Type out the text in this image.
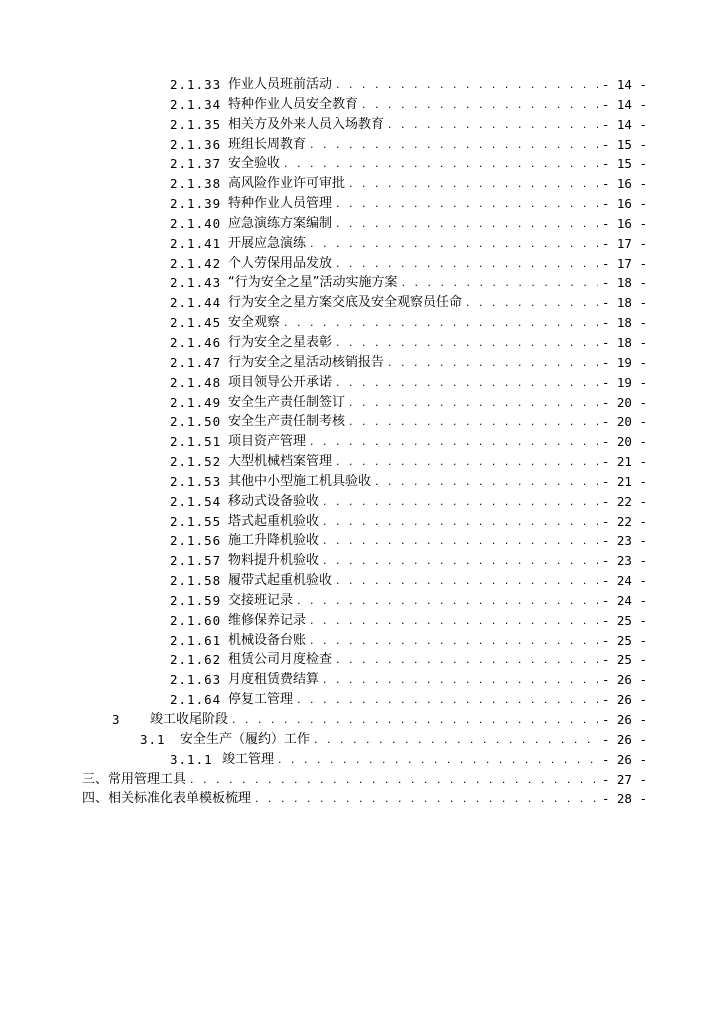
2.1.33 作业人员班前活动 . . .	- 14 -
2.1.34 特种作业人员安全教育 . . .	- 14 -
2.1.35 相关方及外来人员入场教育 . . .	- 14 -
2.1.36 班组长周教育 . . .	- 15 -
2.1.37 安全验收 . . .	- 15 -
2.1.38 高风险作业许可审批 . . .	- 16 -
2.1.39 特种作业人员管理 . . .	- 16 -
2.1.40 应急演练方案编制 . . .	- 16 -
2.1.41 开展应急演练 . . .	- 17 -
2.1.42 个人劳保用品发放 . . .	- 17 -
2.1.43 “行为安全之星”活动实施方案 . . .	- 18 -
2.1.44 行为安全之星方案交底及安全观察员任命 . . .	- 18 -
2.1.45 安全观察 . . .	- 18 -
2.1.46 行为安全之星表彰 . . .	- 18 -
2.1.47 行为安全之星活动核销报告 . . .	- 19 -
2.1.48 项目领导公开承诺 . . .	- 19 -
2.1.49 安全生产责任制签订 . . .	- 20 -
2.1.50 安全生产责任制考核 . . .	- 20 -
2.1.51 项目资产管理 . . .	- 20 -
2.1.52 大型机械档案管理 . . .	- 21 -
2.1.53 其他中小型施工机具验收 . . .	- 21 -
2.1.54 移动式设备验收 . . .	- 22 -
2.1.55 塔式起重机验收 . . .	- 22 -
2.1.56 施工升降机验收 . . .	- 23 -
2.1.57 物料提升机验收 . . .	- 23 -
2.1.58 履带式起重机验收 . . .	- 24 -
2.1.59 交接班记录 . . .	- 24 -
2.1.60 维修保养记录 . . .	- 25 -
2.1.61 机械设备台账 . . .	- 25 -
2.1.62 租赁公司月度检查 . . .	- 25 -
2.1.63 月度租赁费结算 . . .	- 26 -
2.1.64 停复工管理 . . .	- 26 -
3	竣工收尾阶段 . . .	- 26 -
3.1	安全生产（履约）工作 . . .	- 26 -
3.1.1 竣工管理 . . .	- 26 -
三、常用管理工具 . . .	- 27 -
四、相关标准化表单模板梳理 . . .	- 28 -
